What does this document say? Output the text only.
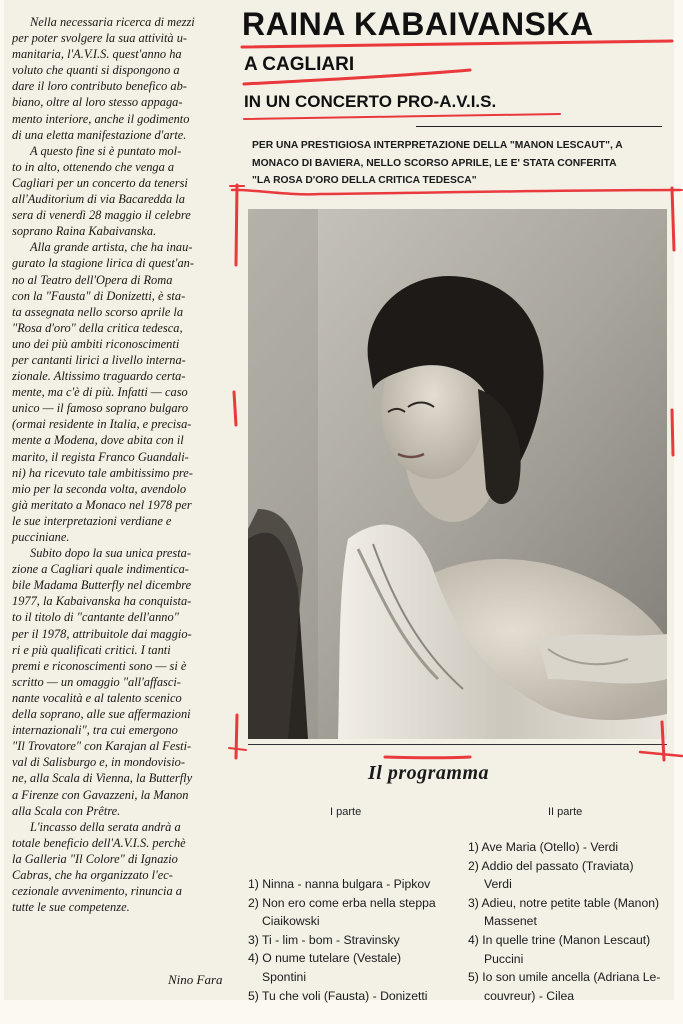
Nella necessaria ricerca di mezzi
per poter svolgere la sua attività u-
manitaria, l'A.V.I.S. quest'anno ha
voluto che quanti si dispongono a
dare il loro contributo benefico ab-
biano, oltre al loro stesso appaga-
mento interiore, anche il godimento
di una eletta manifestazione d'arte.

A questo fine si è puntato mol-
to in alto, ottenendo che venga a
Cagliari per un concerto da tenersi
all'Auditorium di via Bacaredda la
sera di venerdì 28 maggio il celebre
soprano Raina Kabaivanska.

Alla grande artista, che ha inau-
gurato la stagione lirica di quest'an-
no al Teatro dell'Opera di Roma
con la "Fausta" di Donizetti, è sta-
ta assegnata nello scorso aprile la
"Rosa d'oro" della critica tedesca,
uno dei più ambiti riconoscimenti
per cantanti lirici a livello interna-
zionale. Altissimo traguardo certa-
mente, ma c'è di più. Infatti — caso
unico — il famoso soprano bulgaro
(ormai residente in Italia, e precisa-
mente a Modena, dove abita con il
marito, il regista Franco Guandali-
ni) ha ricevuto tale ambitissimo pre-
mio per la seconda volta, avendolo
già meritato a Monaco nel 1978 per
le sue interpretazioni verdiane e
pucciniane.

Subito dopo la sua unica presta-
zione a Cagliari quale indimentica-
bile Madama Butterfly nel dicembre
1977, la Kabaivanska ha conquista-
to il titolo di "cantante dell'anno"
per il 1978, attribuitole dai maggio-
ri e più qualificati critici. I tanti
premi e riconoscimenti sono — si è
scritto — un omaggio "all'affasci-
nante vocalità e al talento scenico
della soprano, alle sue affermazioni
internazionali", tra cui emergono
"Il Trovatore" con Karajan al Festi-
val di Salisburgo e, in mondovisio-
ne, alla Scala di Vienna, la Butterfly
a Firenze con Gavazzeni, la Manon
alla Scala con Prêtre.

L'incasso della serata andrà a
totale beneficio dell'A.V.I.S. perchè
la Galleria "Il Colore" di Ignazio
Cabras, che ha organizzato l'ec-
cezionale avvenimento, rinuncia a
tutte le sue competenze.

Nino Fara
RAINA KABAIVANSKA
A CAGLIARI
IN UN CONCERTO PRO-A.V.I.S.
PER UNA PRESTIGIOSA INTERPRETAZIONE DELLA "MANON LESCAUT", A
MONACO DI BAVIERA, NELLO SCORSO APRILE, LE E' STATA CONFERITA
"LA ROSA D'ORO DELLA CRITICA TEDESCA"
Il programma
I parte	II parte
1) Ninna - nanna bulgara - Pipkov
2) Non ero come erba nella steppa
Ciaikowski
3) Ti - lim - bom - Stravinsky
4) O nume tutelare (Vestale)
Spontini
5) Tu che voli (Fausta) - Donizetti
1) Ave Maria (Otello) - Verdi
2) Addio del passato (Traviata)
Verdi
3) Adieu, notre petite table (Manon)
Massenet
4) In quelle trine (Manon Lescaut)
Puccini
5) Io son umile ancella (Adriana Le-
couvreur) - Cilea
